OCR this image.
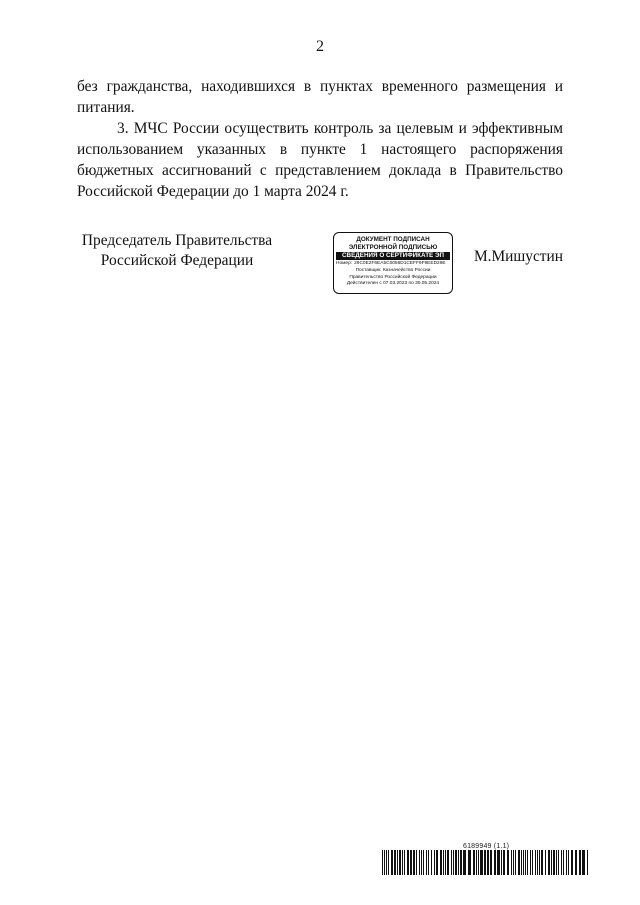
2

без гражданства, находившихся в пунктах временного размещения и питания.

3. МЧС России осуществить контроль за целевым и эффективным использованием указанных в пункте 1 настоящего распоряжения бюджетных ассигнований с представлением доклада в Правительство Российской Федерации до 1 марта 2024 г.

Председатель Правительства
Российской Федерации
ДОКУМЕНТ ПОДПИСАН
ЭЛЕКТРОННОЙ ПОДПИСЬЮ
СВЕДЕНИЯ О СЕРТИФИКАТЕ ЭП
Номер: 29C0E2F6EA5C0056D1CEFF9F9EED29E
Поставщик: Казначейство России
Правительство Российской Федерации
Действителен с 07.03.2023 по 30.05.2024
М.Мишустин
6189949 (1.1)
